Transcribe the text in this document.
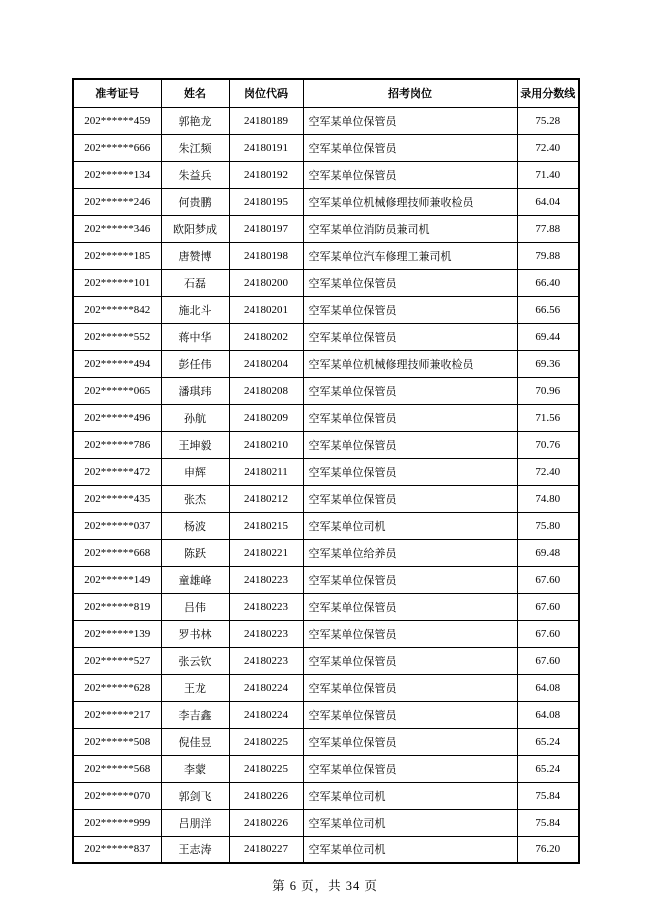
准考证号	姓名	岗位代码	招考岗位	录用分数线
202******459	郭艳龙	24180189	空军某单位保管员	75.28
202******666	朱江频	24180191	空军某单位保管员	72.40
202******134	朱益兵	24180192	空军某单位保管员	71.40
202******246	何贵鹏	24180195	空军某单位机械修理技师兼收检员	64.04
202******346	欧阳梦成	24180197	空军某单位消防员兼司机	77.88
202******185	唐赞博	24180198	空军某单位汽车修理工兼司机	79.88
202******101	石磊	24180200	空军某单位保管员	66.40
202******842	施北斗	24180201	空军某单位保管员	66.56
202******552	蒋中华	24180202	空军某单位保管员	69.44
202******494	彭任伟	24180204	空军某单位机械修理技师兼收检员	69.36
202******065	潘琪玮	24180208	空军某单位保管员	70.96
202******496	孙航	24180209	空军某单位保管员	71.56
202******786	王坤毅	24180210	空军某单位保管员	70.76
202******472	申辉	24180211	空军某单位保管员	72.40
202******435	张杰	24180212	空军某单位保管员	74.80
202******037	杨波	24180215	空军某单位司机	75.80
202******668	陈跃	24180221	空军某单位给养员	69.48
202******149	童雄峰	24180223	空军某单位保管员	67.60
202******819	吕伟	24180223	空军某单位保管员	67.60
202******139	罗书林	24180223	空军某单位保管员	67.60
202******527	张云钦	24180223	空军某单位保管员	67.60
202******628	王龙	24180224	空军某单位保管员	64.08
202******217	李吉鑫	24180224	空军某单位保管员	64.08
202******508	倪佳昱	24180225	空军某单位保管员	65.24
202******568	李蒙	24180225	空军某单位保管员	65.24
202******070	郭剑飞	24180226	空军某单位司机	75.84
202******999	吕朋洋	24180226	空军某单位司机	75.84
202******837	王志涛	24180227	空军某单位司机	76.20
第 6 页，共 34 页
